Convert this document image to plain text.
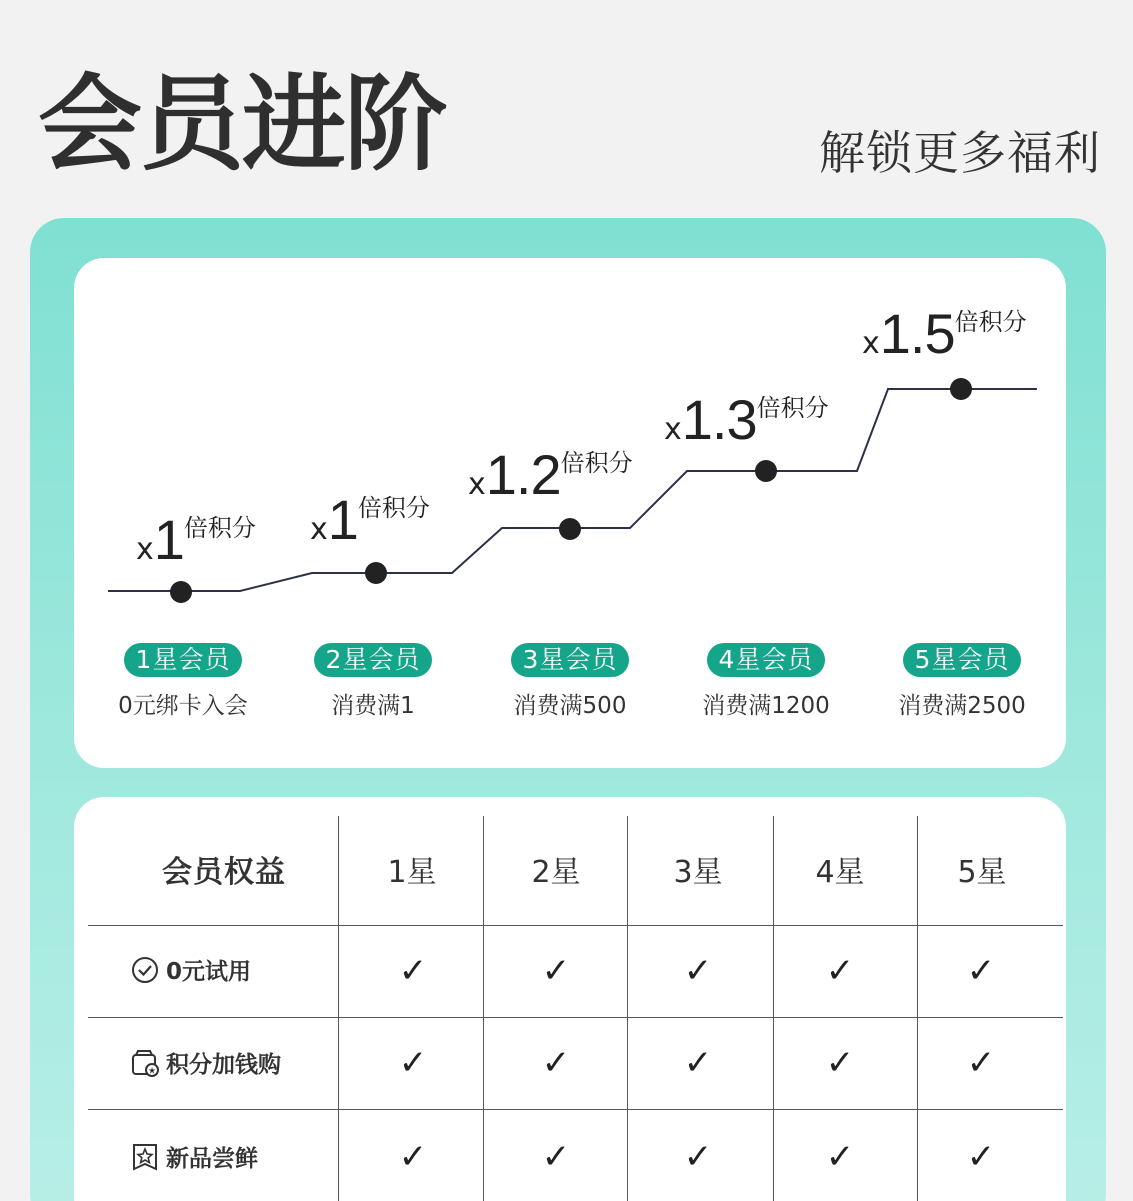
会员进阶	解锁更多福利
x1倍积分 x1倍积分
x1.2倍积分
x1.3倍积分
x1.5倍积分
1星会员
0元绑卡入会
2星会员
消费满1
3星会员
消费满500
4星会员
消费满1200
5星会员
消费满2500
会员权益	1星	2星	3星	4星	5星
0元试用	✓	✓	✓	✓	✓
★ 积分加钱购	✓	✓	✓	✓	✓
新品尝鲜	✓	✓	✓	✓	✓
